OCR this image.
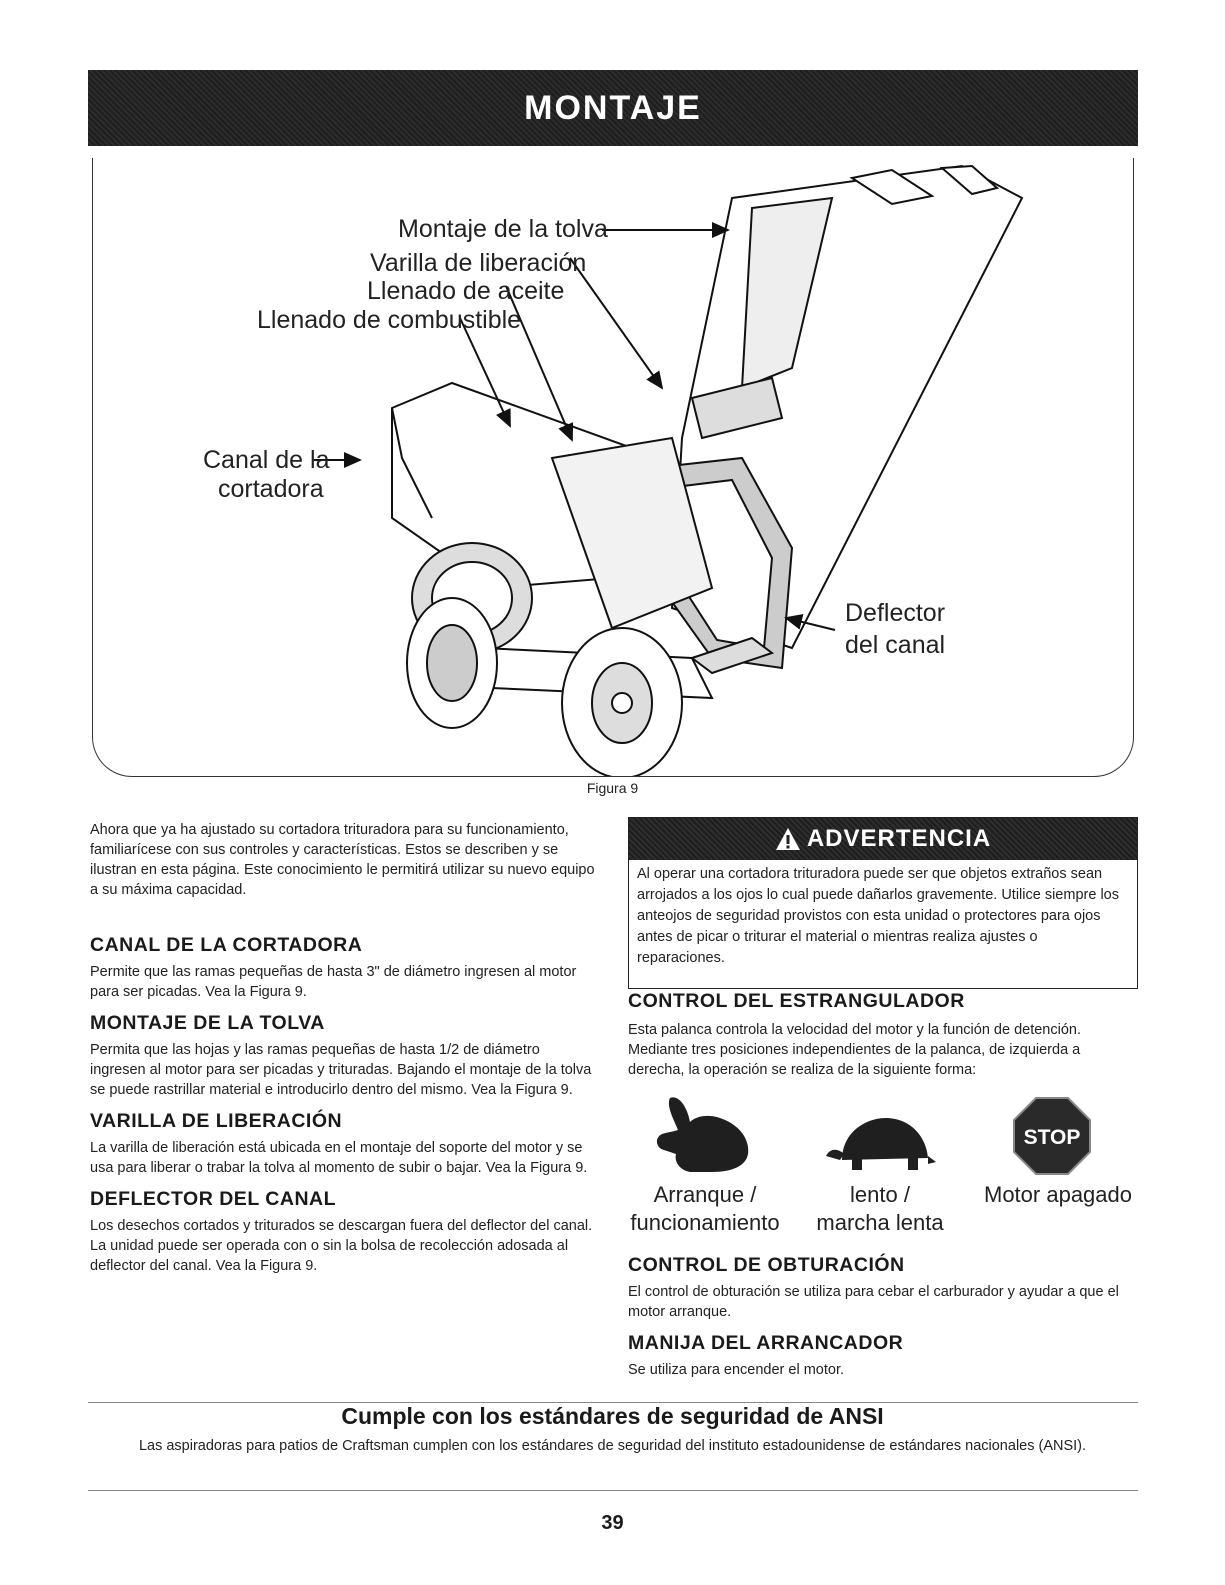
MONTAJE
Montaje de la tolva
Varilla de liberación
Llenado de aceite
Llenado de combustible
Canal de la
cortadora
Deflector
del canal
Figura 9

Ahora que ya ha ajustado su cortadora trituradora para su funcionamiento, familiarícese con sus controles y características. Estos se describen y se ilustran en esta página. Este conocimiento le permitirá utilizar su nuevo equipo a su máxima capacidad.

CANAL DE LA CORTADORA

Permite que las ramas pequeñas de hasta 3" de diámetro ingresen al motor para ser picadas. Vea la Figura 9.

MONTAJE DE LA TOLVA

Permita que las hojas y las ramas pequeñas de hasta 1/2 de diámetro ingresen al motor para ser picadas y trituradas. Bajando el montaje de la tolva se puede rastrillar material e introducirlo dentro del mismo. Vea la Figura 9.

VARILLA DE LIBERACIÓN

La varilla de liberación está ubicada en el montaje del soporte del motor y se usa para liberar o trabar la tolva al momento de subir o bajar. Vea la Figura 9.

DEFLECTOR DEL CANAL

Los desechos cortados y triturados se descargan fuera del deflector del canal. La unidad puede ser operada con o sin la bolsa de recolección adosada al deflector del canal. Vea la Figura 9.

ADVERTENCIA
Al operar una cortadora trituradora puede ser que objetos extraños sean arrojados a los ojos lo cual puede dañarlos gravemente. Utilice siempre los anteojos de seguridad provistos con esta unidad o protectores para ojos antes de picar o triturar el material o mientras realiza ajustes o reparaciones.

CONTROL DEL ESTRANGULADOR

Esta palanca controla la velocidad del motor y la función de detención. Mediante tres posiciones independientes de la palanca, de izquierda a derecha, la operación se realiza de la siguiente forma:

STOP
Arranque /
funcionamiento
lento /
marcha lenta
Motor apagado

CONTROL DE OBTURACIÓN

El control de obturación se utiliza para cebar el carburador y ayudar a que el motor arranque.

MANIJA DEL ARRANCADOR

Se utiliza para encender el motor.

Cumple con los estándares de seguridad de ANSI
Las aspiradoras para patios de Craftsman cumplen con los estándares de seguridad del instituto estadounidense de estándares nacionales (ANSI).
39
